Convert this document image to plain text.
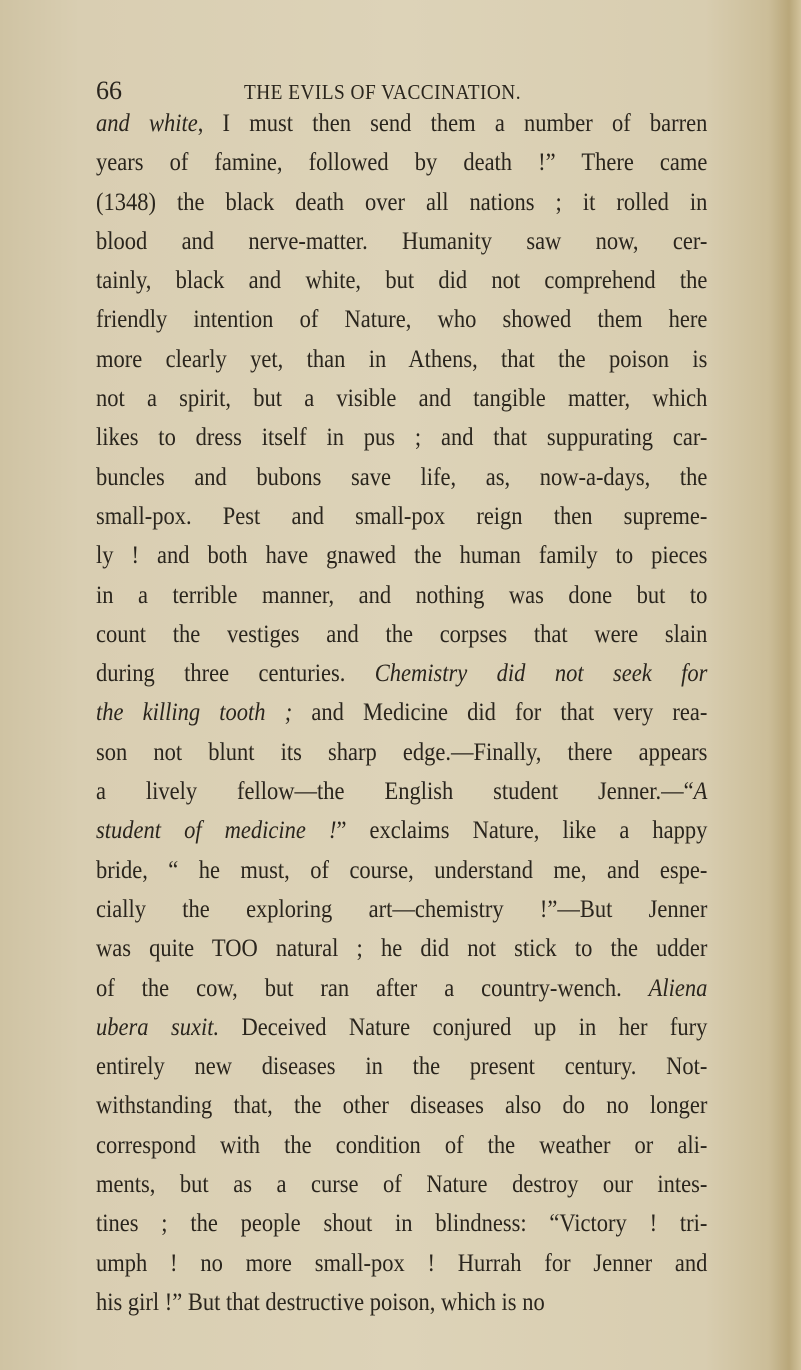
66	THE EVILS OF VACCINATION.
and white, I must then send them a number of barren
years of famine, followed by death !” There came
(1348) the black death over all nations ; it rolled in
blood and nerve-matter. Humanity saw now, cer-
tainly, black and white, but did not comprehend the
friendly intention of Nature, who showed them here
more clearly yet, than in Athens, that the poison is
not a spirit, but a visible and tangible matter, which
likes to dress itself in pus ; and that suppurating car-
buncles and bubons save life, as, now-a-days, the
small-pox. Pest and small-pox reign then supreme-
ly ! and both have gnawed the human family to pieces
in a terrible manner, and nothing was done but to
count the vestiges and the corpses that were slain
during three centuries. Chemistry did not seek for
the killing tooth ; and Medicine did for that very rea-
son not blunt its sharp edge.—Finally, there appears
a lively fellow—the English student Jenner.—“A
student of medicine !” exclaims Nature, like a happy
bride, “ he must, of course, understand me, and espe-
cially the exploring art—chemistry !”—But Jenner
was quite TOO natural ; he did not stick to the udder
of the cow, but ran after a country-wench. Aliena
ubera suxit. Deceived Nature conjured up in her fury
entirely new diseases in the present century. Not-
withstanding that, the other diseases also do no longer
correspond with the condition of the weather or ali-
ments, but as a curse of Nature destroy our intes-
tines ; the people shout in blindness: “Victory ! tri-
umph ! no more small-pox ! Hurrah for Jenner and
his girl !” But that destructive poison, which is no
